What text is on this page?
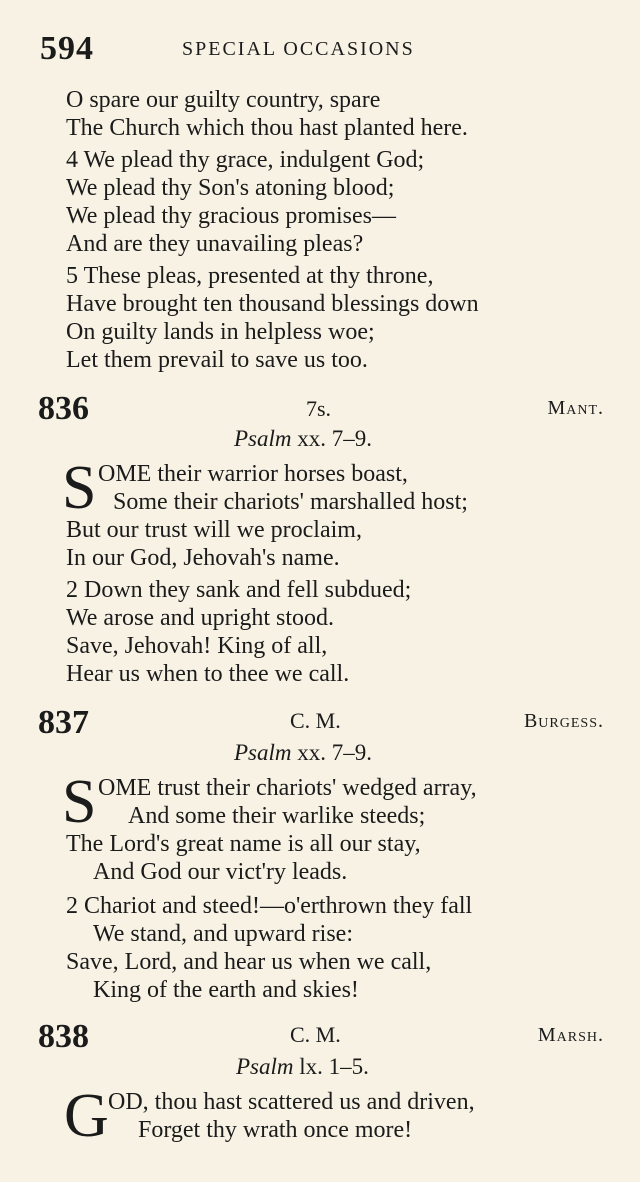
594	SPECIAL OCCASIONS
O spare our guilty country, spare
The Church which thou hast planted here.
4 We plead thy grace, indulgent God;
We plead thy Son's atoning blood;
We plead thy gracious promises—
And are they unavailing pleas?
5 These pleas, presented at thy throne,
Have brought ten thousand blessings down
On guilty lands in helpless woe;
Let them prevail to save us too.
836	7s.	Mant.
Psalm xx. 7–9.
S OME their warrior horses boast,
Some their chariots' marshalled host;
But our trust will we proclaim,
In our God, Jehovah's name.
2 Down they sank and fell subdued;
We arose and upright stood.
Save, Jehovah! King of all,
Hear us when to thee we call.
837	C. M.	Burgess.
Psalm xx. 7–9.
S OME trust their chariots' wedged array,
And some their warlike steeds;
The Lord's great name is all our stay,
And God our vict'ry leads.
2 Chariot and steed!—o'erthrown they fall
We stand, and upward rise:
Save, Lord, and hear us when we call,
King of the earth and skies!
838	C. M.	Marsh.
Psalm lx. 1–5.
G OD, thou hast scattered us and driven,
Forget thy wrath once more!
